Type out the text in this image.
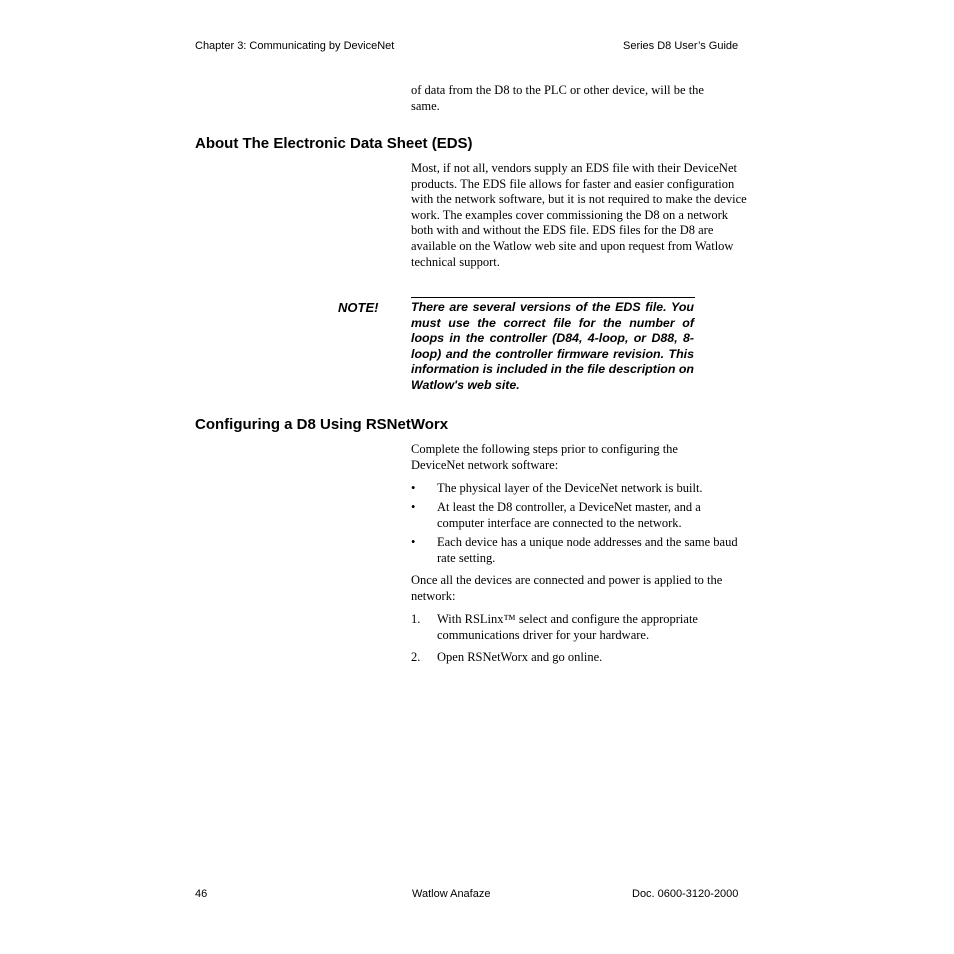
Chapter 3: Communicating by DeviceNet	Series D8 User’s Guide
of data from the D8 to the PLC or other device, will be the same.
About The Electronic Data Sheet (EDS)
Most, if not all, vendors supply an EDS file with their DeviceNet products. The EDS file allows for faster and easier configuration with the network software, but it is not required to make the device work. The examples cover commissioning the D8 on a network both with and without the EDS file. EDS files for the D8 are available on the Watlow web site and upon request from Watlow technical support.
NOTE!	There are several versions of the EDS file. You must use the correct file for the number of loops in the controller (D84, 4-loop, or D88, 8-loop) and the controller firmware revision. This information is included in the file description on Watlow's web site.
Configuring a D8 Using RSNetWorx
Complete the following steps prior to configuring the DeviceNet network software:
• The physical layer of the DeviceNet network is built.
• At least the D8 controller, a DeviceNet master, and a computer interface are connected to the network.
• Each device has a unique node addresses and the same baud rate setting.
Once all the devices are connected and power is applied to the network:
1. With RSLinx™ select and configure the appropriate communications driver for your hardware.
2. Open RSNetWorx and go online.
46	Watlow Anafaze	Doc. 0600-3120-2000
